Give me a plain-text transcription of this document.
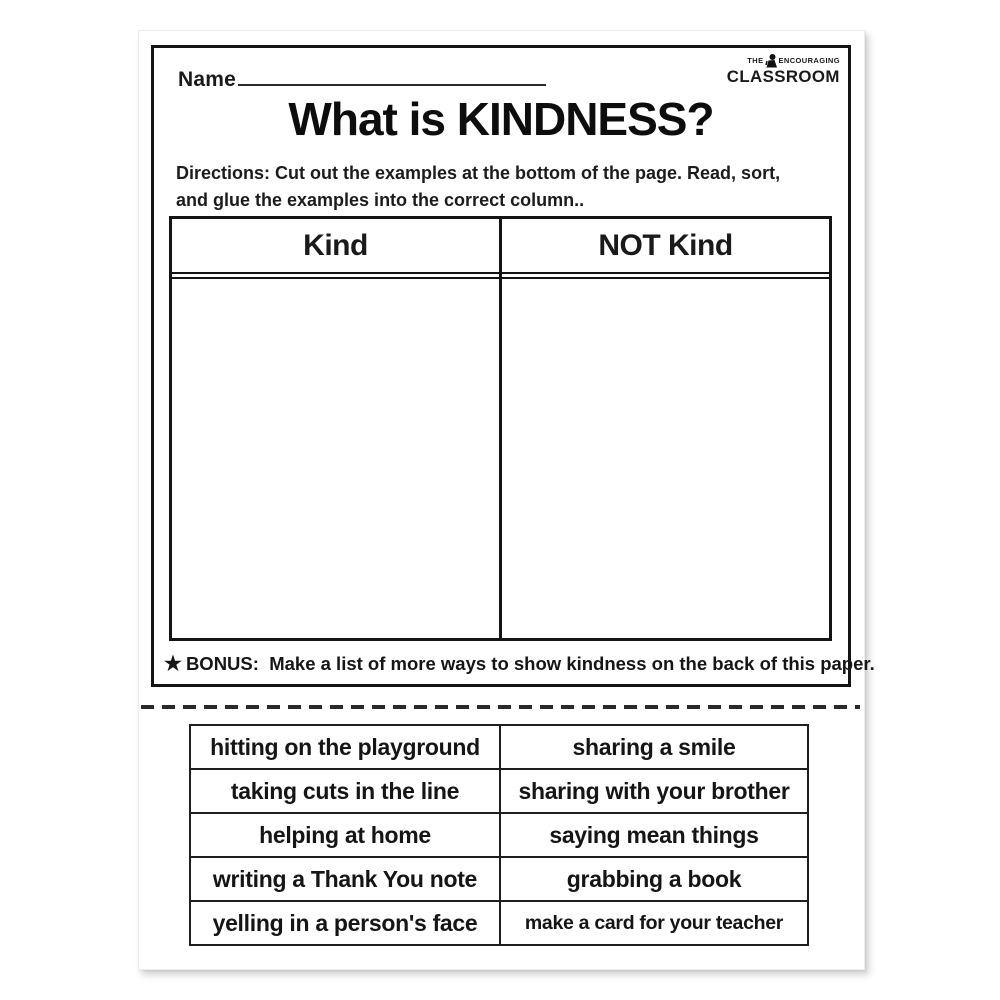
Name
THE ENCOURAGING
CLASSROOM
What is KINDNESS?
Directions: Cut out the examples at the bottom of the page. Read, sort,
and glue the examples into the correct column..
Kind	NOT Kind
★ BONUS: Make a list of more ways to show kindness on the back of this paper.
hitting on the playground	sharing a smile
taking cuts in the line	sharing with your brother
helping at home	saying mean things
writing a Thank You note	grabbing a book
yelling in a person's face	make a card for your teacher
